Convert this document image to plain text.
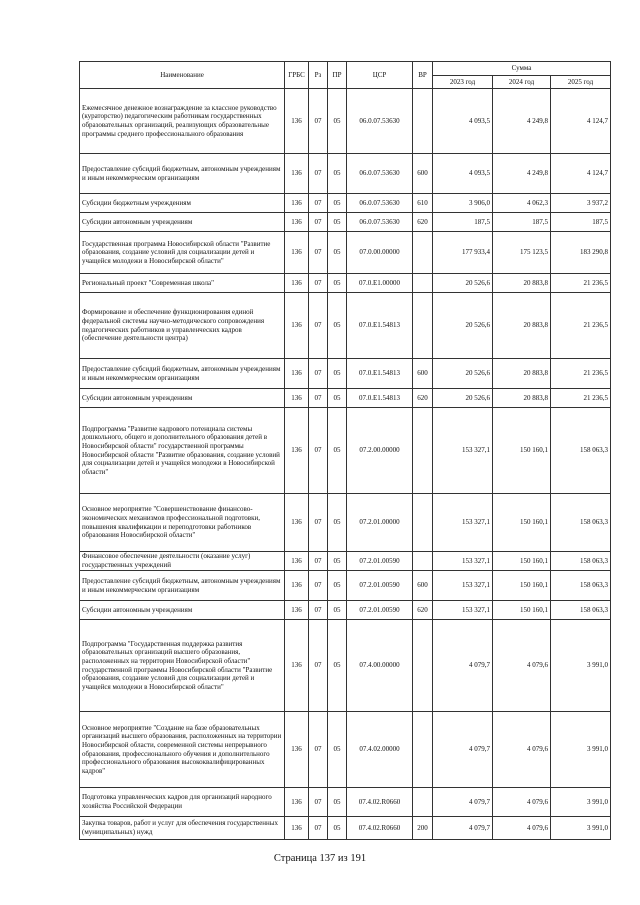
Наименование	ГРБС	Рз	ПР	ЦСР	ВР	Сумма		
						2023 год	2024 год	2025 год
Ежемесячное денежное вознаграждение за классное руководство (кураторство) педагогическим работникам государственных образовательных организаций, реализующих образовательные программы среднего профессионального образования	136	07	05	06.0.07.53630		4 093,5	4 249,8	4 124,7
Предоставление субсидий бюджетным, автономным учреждениям и иным некоммерческим организациям	136	07	05	06.0.07.53630	600	4 093,5	4 249,8	4 124,7
Субсидии бюджетным учреждениям	136	07	05	06.0.07.53630	610	3 906,0	4 062,3	3 937,2
Субсидии автономным учреждениям	136	07	05	06.0.07.53630	620	187,5	187,5	187,5
Государственная программа Новосибирской области "Развитие образования, создание условий для социализации детей и учащейся молодежи в Новосибирской области"	136	07	05	07.0.00.00000		177 933,4	175 123,5	183 290,8
Региональный проект "Современная школа"	136	07	05	07.0.E1.00000		20 526,6	20 883,8	21 236,5
Формирование и обеспечение функционирования единой федеральной системы научно-методического сопровождения педагогических работников и управленческих кадров (обеспечение деятельности центра)	136	07	05	07.0.E1.54813		20 526,6	20 883,8	21 236,5
Предоставление субсидий бюджетным, автономным учреждениям и иным некоммерческим организациям	136	07	05	07.0.E1.54813	600	20 526,6	20 883,8	21 236,5
Субсидии автономным учреждениям	136	07	05	07.0.E1.54813	620	20 526,6	20 883,8	21 236,5
Подпрограмма "Развитие кадрового потенциала системы дошкольного, общего и дополнительного образования детей в Новосибирской области" государственной программы Новосибирской области "Развитие образования, создание условий для социализации детей и учащейся молодежи в Новосибирской области"	136	07	05	07.2.00.00000		153 327,1	150 160,1	158 063,3
Основное мероприятие "Совершенствование финансово-экономических механизмов профессиональной подготовки, повышения квалификации и переподготовки работников образования Новосибирской области"	136	07	05	07.2.01.00000		153 327,1	150 160,1	158 063,3
Финансовое обеспечение деятельности (оказание услуг) государственных учреждений	136	07	05	07.2.01.00590		153 327,1	150 160,1	158 063,3
Предоставление субсидий бюджетным, автономным учреждениям и иным некоммерческим организациям	136	07	05	07.2.01.00590	600	153 327,1	150 160,1	158 063,3
Субсидии автономным учреждениям	136	07	05	07.2.01.00590	620	153 327,1	150 160,1	158 063,3
Подпрограмма "Государственная поддержка развития образовательных организаций высшего образования, расположенных на территории Новосибирской области" государственной программы Новосибирской области "Развитие образования, создание условий для социализации детей и учащейся молодежи в Новосибирской области"	136	07	05	07.4.00.00000		4 079,7	4 079,6	3 991,0
Основное мероприятие "Создание на базе образовательных организаций высшего образования, расположенных на территории Новосибирской области, современной системы непрерывного образования, профессионального обучения и дополнительного профессионального образования высококвалифицированных кадров"	136	07	05	07.4.02.00000		4 079,7	4 079,6	3 991,0
Подготовка управленческих кадров для организаций народного хозяйства Российской Федерации	136	07	05	07.4.02.R0660		4 079,7	4 079,6	3 991,0
Закупка товаров, работ и услуг для обеспечения государственных (муниципальных) нужд	136	07	05	07.4.02.R0660	200	4 079,7	4 079,6	3 991,0
Страница 137 из 191
